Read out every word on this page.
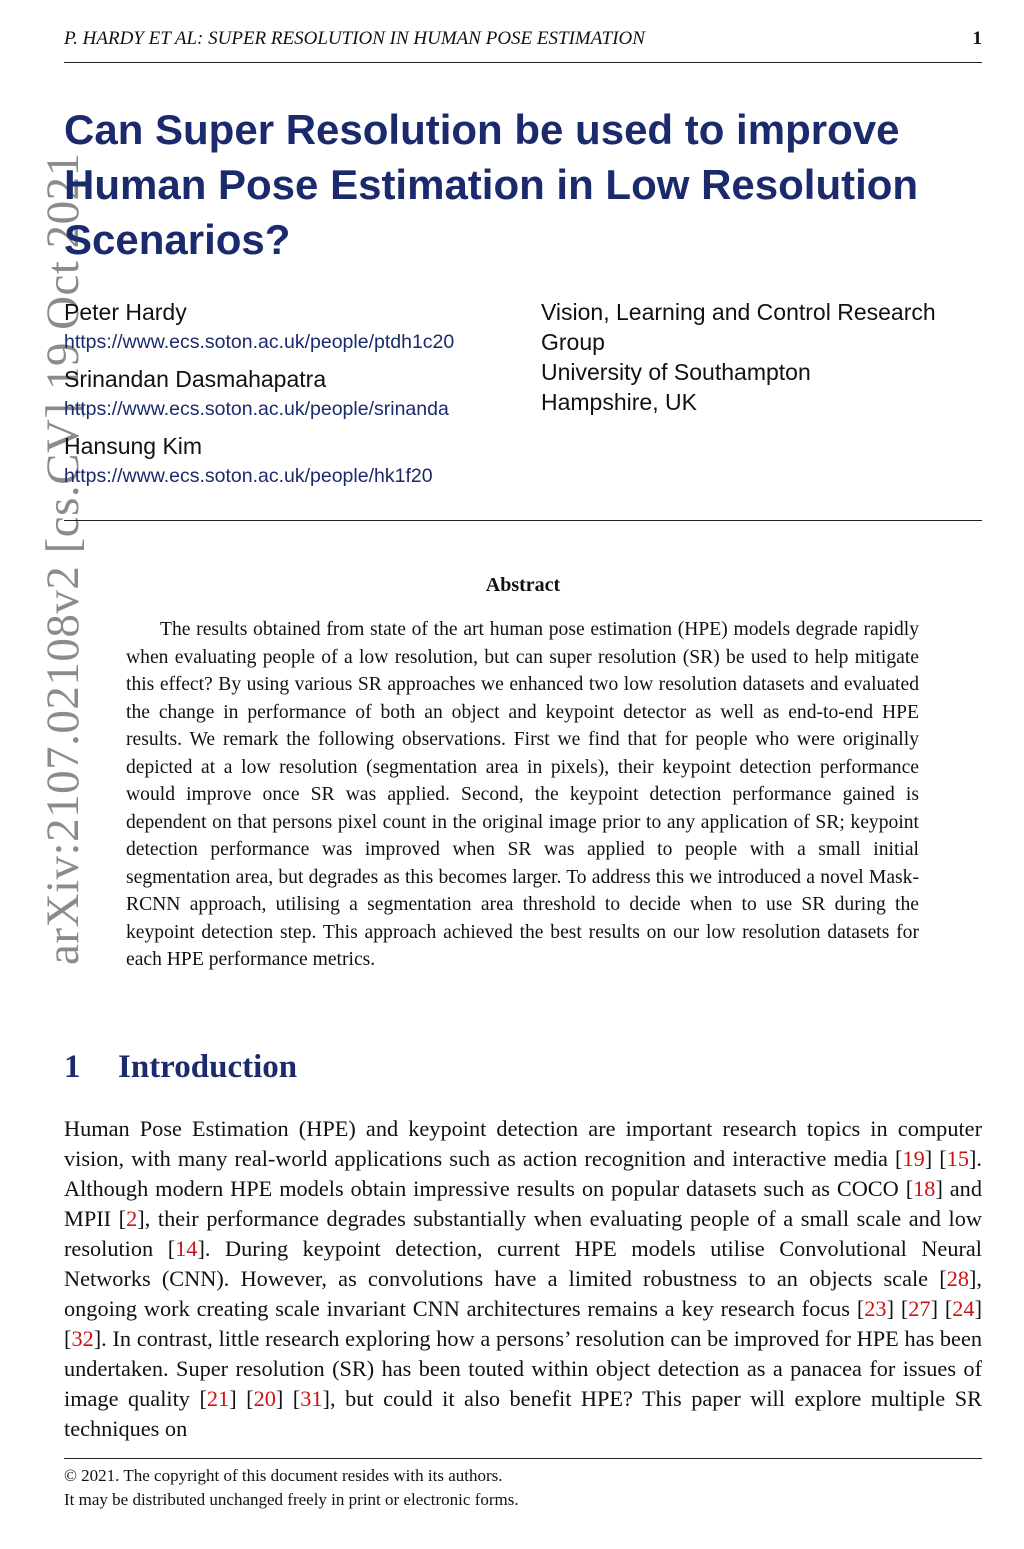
P. HARDY ET AL: SUPER RESOLUTION IN HUMAN POSE ESTIMATION	1
arXiv:2107.02108v2 [cs.CV] 19 Oct 2021
Can Super Resolution be used to improve Human Pose Estimation in Low Resolution Scenarios?
Peter Hardy
https://www.ecs.soton.ac.uk/people/ptdh1c20
Srinandan Dasmahapatra
https://www.ecs.soton.ac.uk/people/srinanda
Hansung Kim
https://www.ecs.soton.ac.uk/people/hk1f20
Vision, Learning and Control Research Group
University of Southampton
Hampshire, UK
Abstract

The results obtained from state of the art human pose estimation (HPE) models degrade rapidly when evaluating people of a low resolution, but can super resolution (SR) be used to help mitigate this effect? By using various SR approaches we enhanced two low resolution datasets and evaluated the change in performance of both an object and keypoint detector as well as end-to-end HPE results. We remark the following observations. First we find that for people who were originally depicted at a low resolution (segmentation area in pixels), their keypoint detection performance would improve once SR was applied. Second, the keypoint detection performance gained is dependent on that persons pixel count in the original image prior to any application of SR; keypoint detection performance was improved when SR was applied to people with a small initial segmentation area, but degrades as this becomes larger. To address this we introduced a novel Mask-RCNN approach, utilising a segmentation area threshold to decide when to use SR during the keypoint detection step. This approach achieved the best results on our low resolution datasets for each HPE performance metrics.

1 Introduction

Human Pose Estimation (HPE) and keypoint detection are important research topics in computer vision, with many real-world applications such as action recognition and interactive media [19] [15]. Although modern HPE models obtain impressive results on popular datasets such as COCO [18] and MPII [2], their performance degrades substantially when evaluating people of a small scale and low resolution [14]. During keypoint detection, current HPE models utilise Convolutional Neural Networks (CNN). However, as convolutions have a limited robustness to an objects scale [28], ongoing work creating scale invariant CNN architectures remains a key research focus [23] [27] [24] [32]. In contrast, little research exploring how a persons’ resolution can be improved for HPE has been undertaken. Super resolution (SR) has been touted within object detection as a panacea for issues of image quality [21] [20] [31], but could it also benefit HPE? This paper will explore multiple SR techniques on

© 2021. The copyright of this document resides with its authors.
It may be distributed unchanged freely in print or electronic forms.
